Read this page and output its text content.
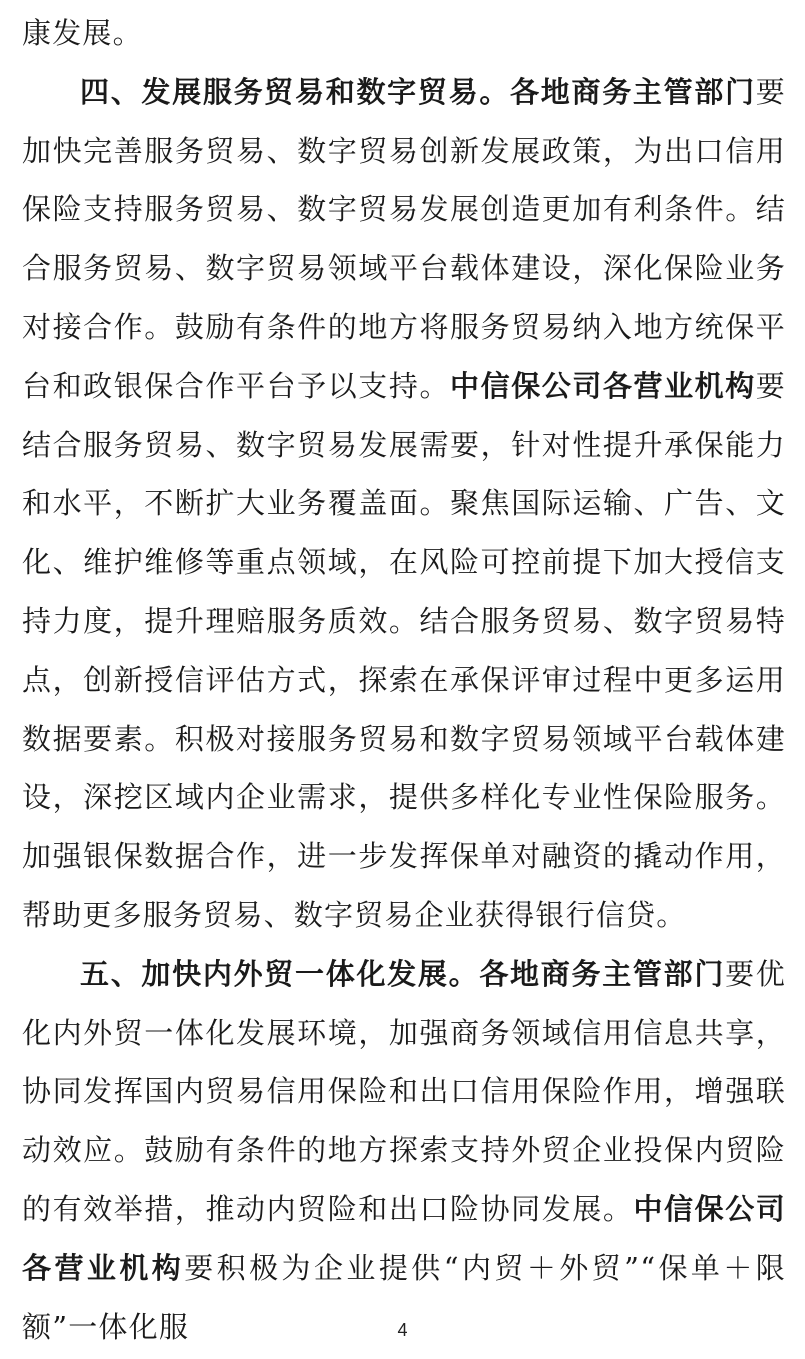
康发展。

四、发展服务贸易和数字贸易。各地商务主管部门要加快完善服务贸易、数字贸易创新发展政策，为出口信用保险支持服务贸易、数字贸易发展创造更加有利条件。结合服务贸易、数字贸易领域平台载体建设，深化保险业务对接合作。鼓励有条件的地方将服务贸易纳入地方统保平台和政银保合作平台予以支持。中信保公司各营业机构要结合服务贸易、数字贸易发展需要，针对性提升承保能力和水平，不断扩大业务覆盖面。聚焦国际运输、广告、文化、维护维修等重点领域，在风险可控前提下加大授信支持力度，提升理赔服务质效。结合服务贸易、数字贸易特点，创新授信评估方式，探索在承保评审过程中更多运用数据要素。积极对接服务贸易和数字贸易领域平台载体建设，深挖区域内企业需求，提供多样化专业性保险服务。加强银保数据合作，进一步发挥保单对融资的撬动作用，帮助更多服务贸易、数字贸易企业获得银行信贷。

五、加快内外贸一体化发展。各地商务主管部门要优化内外贸一体化发展环境，加强商务领域信用信息共享，协同发挥国内贸易信用保险和出口信用保险作用，增强联动效应。鼓励有条件的地方探索支持外贸企业投保内贸险的有效举措，推动内贸险和出口险协同发展。中信保公司各营业机构要积极为企业提供“内贸＋外贸”“保单＋限额”一体化服	4
